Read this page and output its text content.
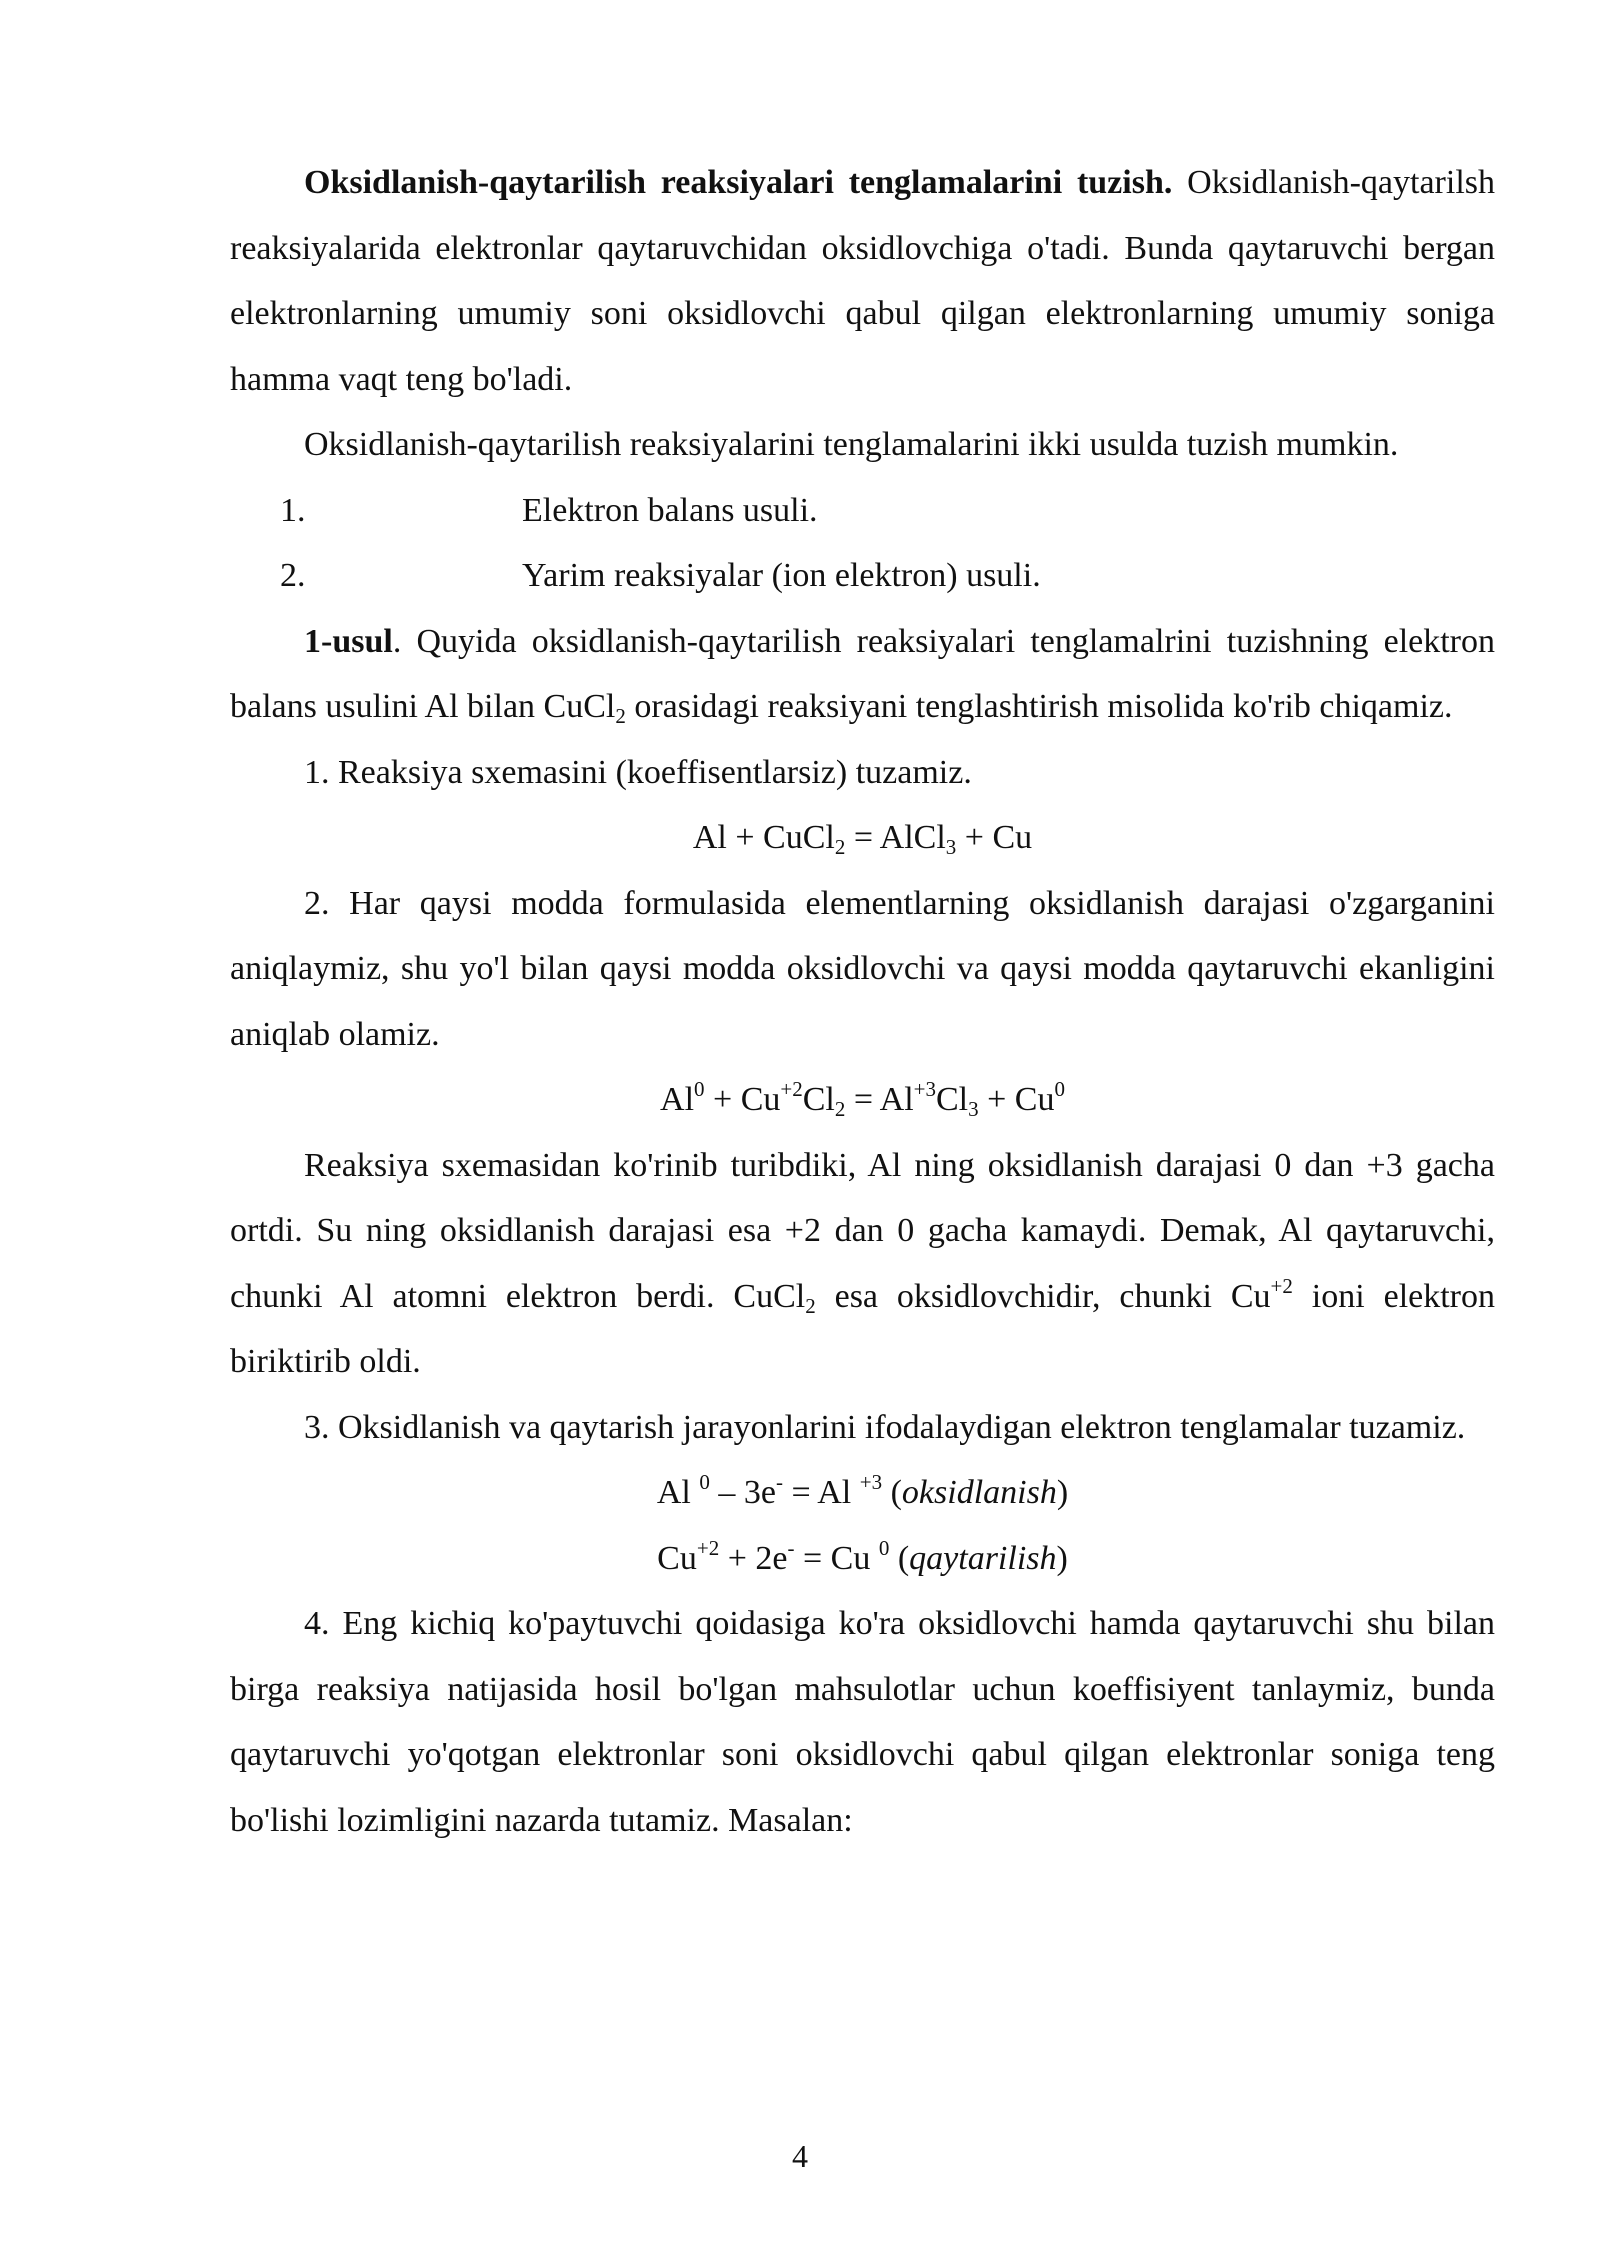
Oksidlanish-qaytarilish reaksiyalari tenglamalarini tuzish. Oksidlanish-qaytarilsh reaksiyalarida elektronlar qaytaruvchidan oksidlovchiga o'tadi. Bunda qaytaruvchi bergan elektronlarning umumiy soni oksidlovchi qabul qilgan elektronlarning umumiy soniga hamma vaqt teng bo'ladi.

Oksidlanish-qaytarilish reaksiyalarini tenglamalarini ikki usulda tuzish mumkin.

1.	Elektron balans usuli.
2.	Yarim reaksiyalar (ion elektron) usuli.

1-usul. Quyida oksidlanish-qaytarilish reaksiyalari tenglamalrini tuzishning elektron balans usulini Al bilan CuCl$_2$ orasidagi reaksiyani tenglashtirish misolida ko'rib chiqamiz.

1. Reaksiya sxemasini (koeffisentlarsiz) tuzamiz.

Al + CuCl$_2$ = AlCl$_3$ + Cu

2. Har qaysi modda formulasida elementlarning oksidlanish darajasi o'zgarganini aniqlaymiz, shu yo'l bilan qaysi modda oksidlovchi va qaysi modda qaytaruvchi ekanligini aniqlab olamiz.

$Al^0 + Cu^{+2}Cl_2 = Al^{+3}Cl_3 + Cu^0$

Reaksiya sxemasidan ko'rinib turibdiki, Al ning oksidlanish darajasi 0 dan +3 gacha ortdi. Su ning oksidlanish darajasi esa +2 dan 0 gacha kamaydi. Demak, Al qaytaruvchi, chunki Al atomni elektron berdi. CuCl$_2$ esa oksidlovchidir, chunki $Cu^{+2}$ ioni elektron biriktirib oldi.

3. Oksidlanish va qaytarish jarayonlarini ifodalaydigan elektron tenglamalar tuzamiz.

Al $^0$ – 3e- = Al $^{+3}$ (oksidlanish)

$Cu^{+2} + 2e^- = Cu$ $^0$ (qaytarilish)

4. Eng kichiq ko'paytuvchi qoidasiga ko'ra oksidlovchi hamda qaytaruvchi shu bilan birga reaksiya natijasida hosil bo'lgan mahsulotlar uchun koeffisiyent tanlaymiz, bunda qaytaruvchi yo'qotgan elektronlar soni oksidlovchi qabul qilgan elektronlar soniga teng bo'lishi lozimligini nazarda tutamiz. Masalan:

4
